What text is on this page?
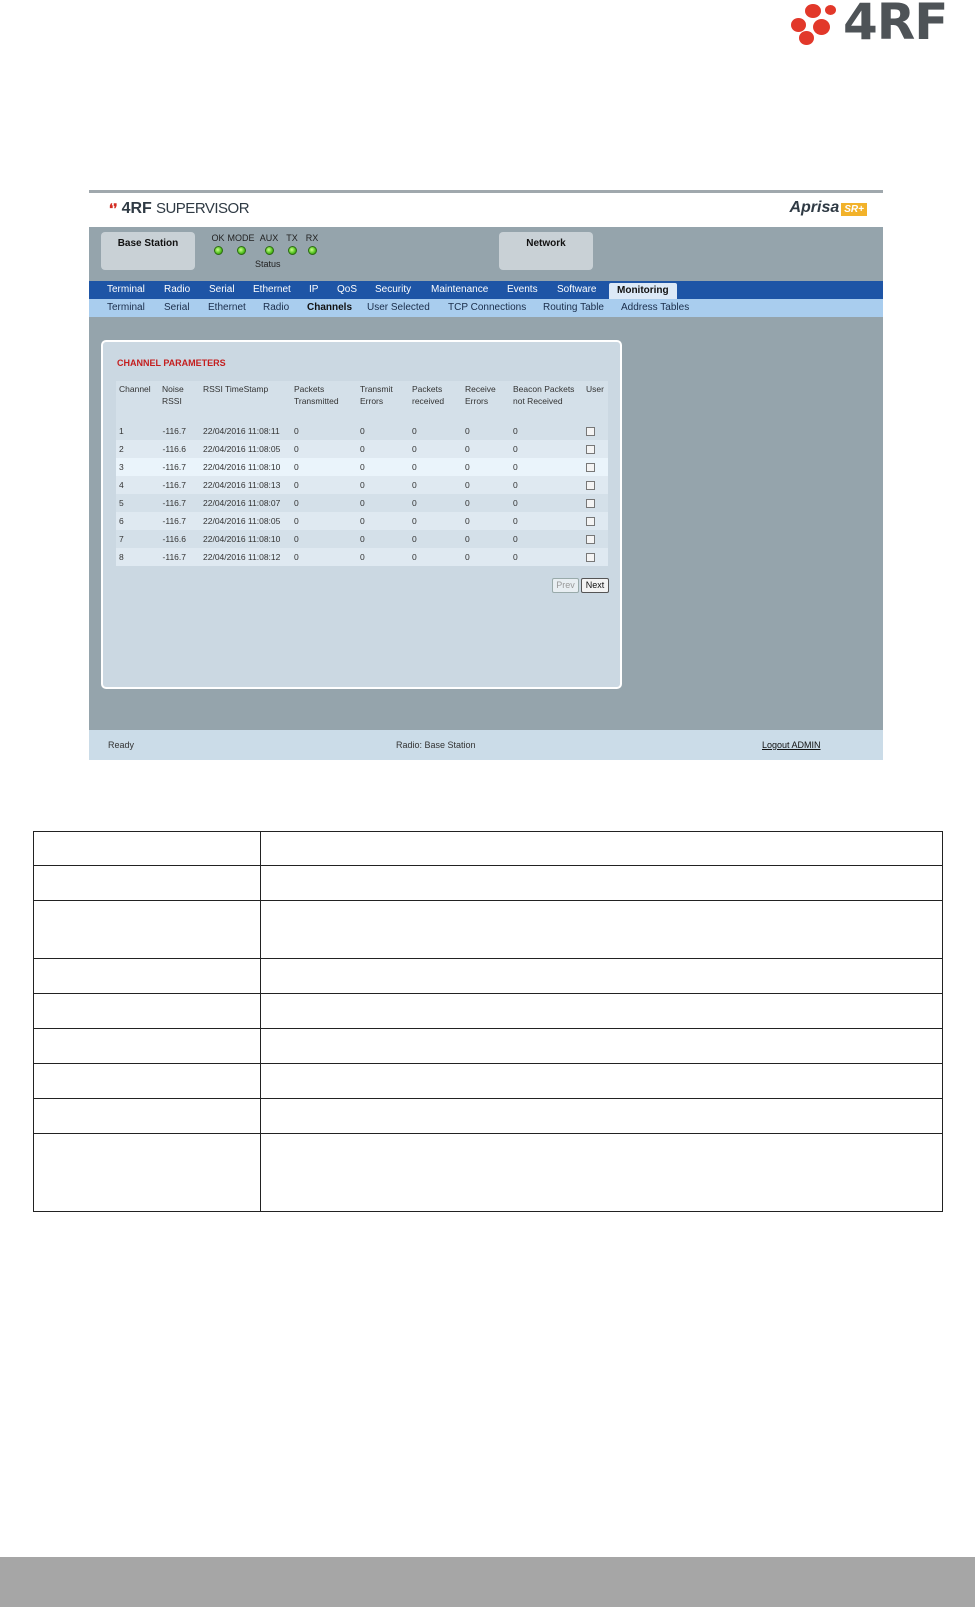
4RF
❛❜ 4RF SUPERVISOR	Aprisa SR+
Base Station	OK MODE AUX TX RX
Status
Network
Terminal Radio Serial Ethernet IP QoS Security Maintenance Events Software	Monitoring
Terminal Serial Ethernet Radio Channels User Selected TCP Connections Routing Table Address Tables
CHANNEL PARAMETERS
Channel	Noise RSSI	RSSI TimeStamp	Packets Transmitted	Transmit Errors	Packets received	Receive Errors	Beacon Packets not Received	User
1	-116.7	22/04/2016 11:08:11	0	0	0	0	0	
2	-116.6	22/04/2016 11:08:05	0	0	0	0	0	
3	-116.7	22/04/2016 11:08:10	0	0	0	0	0	
4	-116.7	22/04/2016 11:08:13	0	0	0	0	0	
5	-116.7	22/04/2016 11:08:07	0	0	0	0	0	
6	-116.7	22/04/2016 11:08:05	0	0	0	0	0	
7	-116.6	22/04/2016 11:08:10	0	0	0	0	0	
8	-116.7	22/04/2016 11:08:12	0	0	0	0	0	
Prev	Next
Ready	Radio: Base Station	Logout ADMIN
